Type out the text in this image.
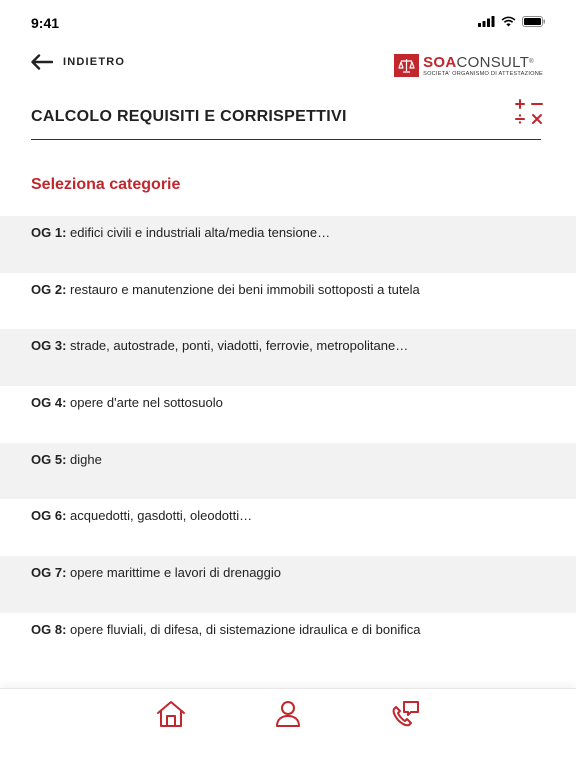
9:41
INDIETRO	SOACONSULT®
SOCIETA' ORGANISMO DI ATTESTAZIONE
CALCOLO REQUISITI E CORRISPETTIVI
Seleziona categorie
OG 1: edifici civili e industriali alta/media tensione…
OG 2: restauro e manutenzione dei beni immobili sottoposti a tutela
OG 3: strade, autostrade, ponti, viadotti, ferrovie, metropolitane…
OG 4: opere d'arte nel sottosuolo
OG 5: dighe
OG 6: acquedotti, gasdotti, oleodotti…
OG 7: opere marittime e lavori di drenaggio
OG 8: opere fluviali, di difesa, di sistemazione idraulica e di bonifica
